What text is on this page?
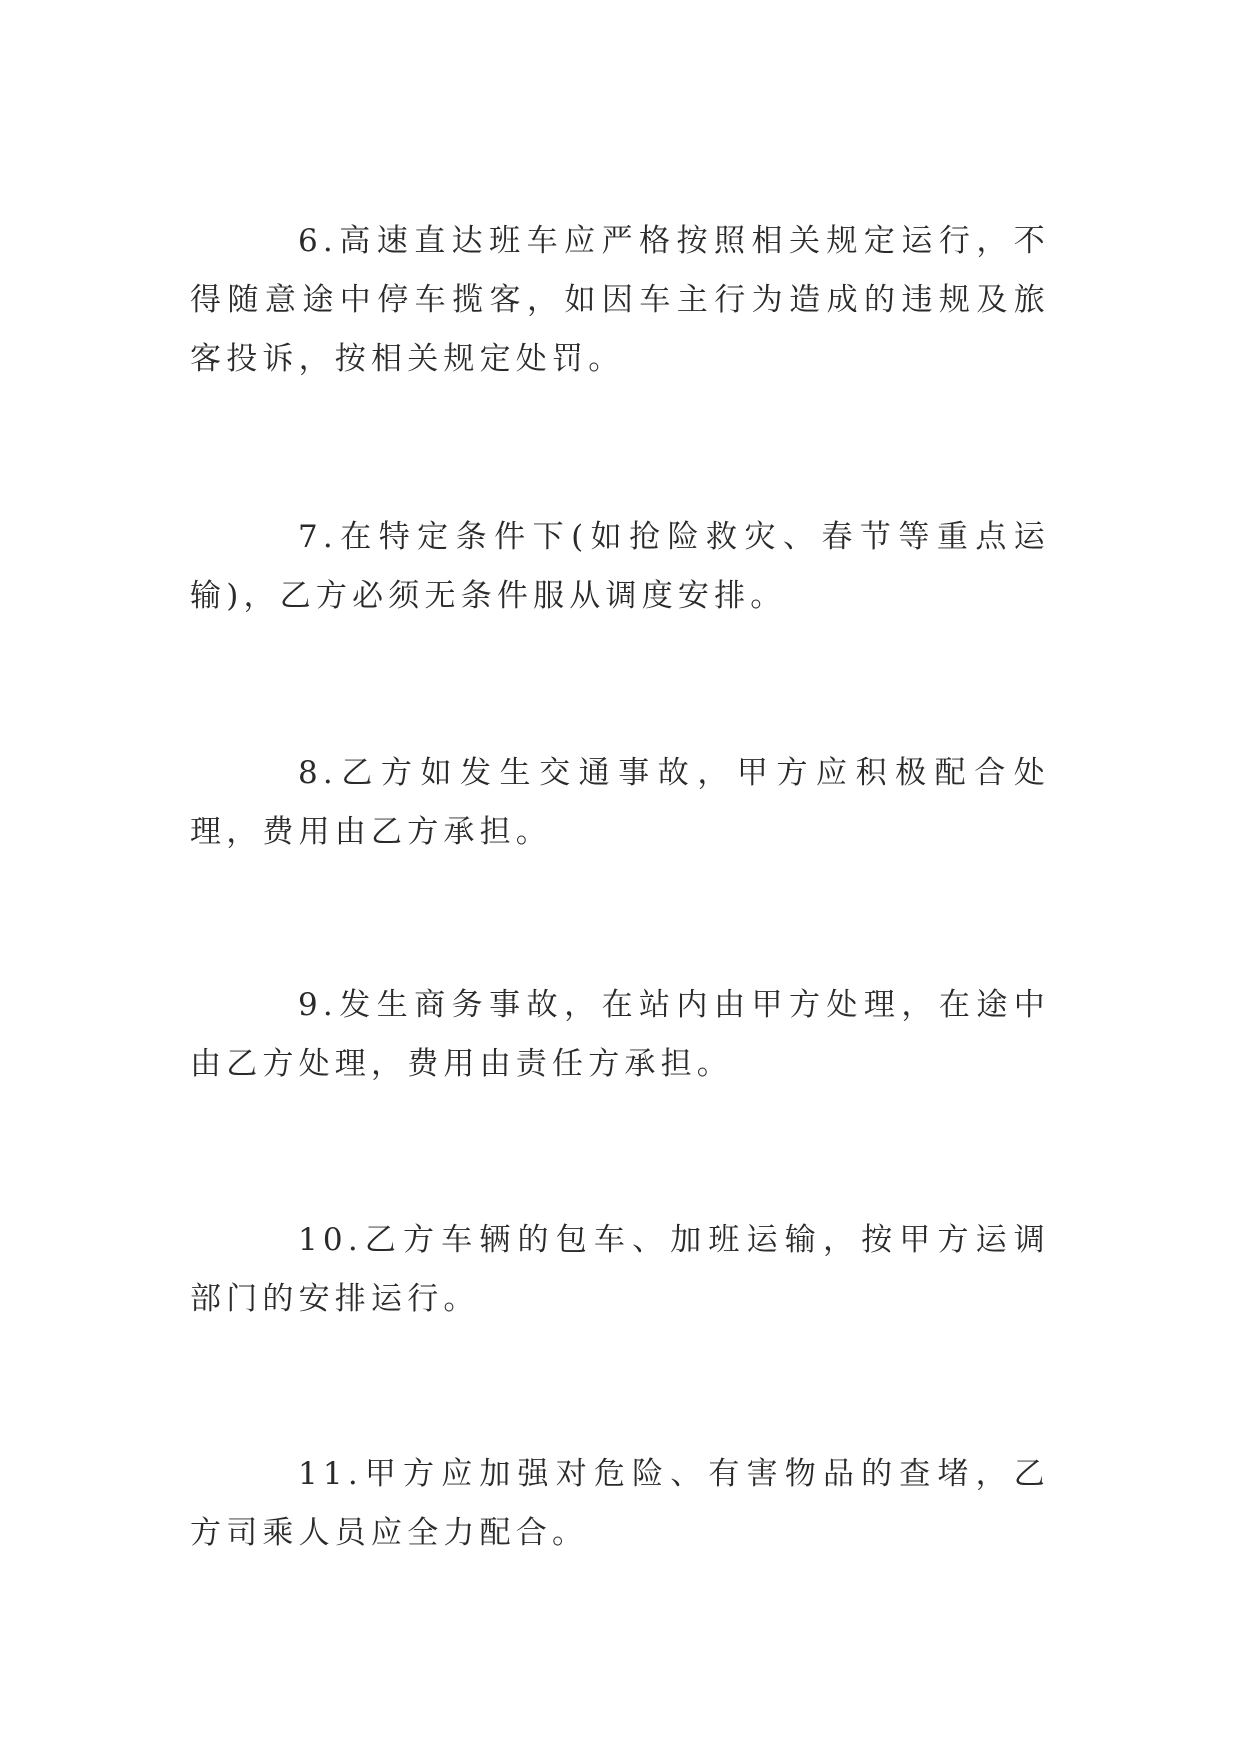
6.高速直达班车应严格按照相关规定运行，不得随意途中停车揽客，如因车主行为造成的违规及旅客投诉，按相关规定处罚。

7.在特定条件下(如抢险救灾、春节等重点运输)，乙方必须无条件服从调度安排。

8.乙方如发生交通事故，甲方应积极配合处理，费用由乙方承担。

9.发生商务事故，在站内由甲方处理，在途中由乙方处理，费用由责任方承担。

10.乙方车辆的包车、加班运输，按甲方运调部门的安排运行。

11.甲方应加强对危险、有害物品的查堵，乙方司乘人员应全力配合。
